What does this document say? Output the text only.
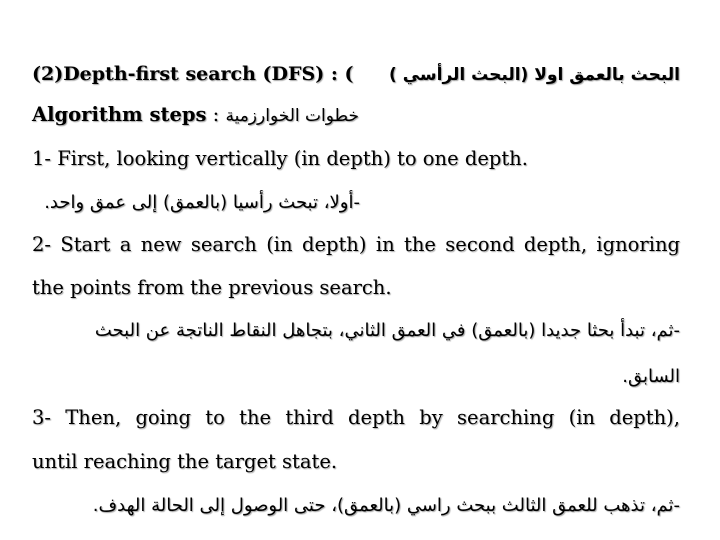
(2)Depth-first search (DFS) : ( البحث بالعمق اولا (البحث الرأسي )
Algorithm steps : خطوات الخوارزمية
1- First, looking vertically (in depth) to one depth.
-أولا، تبحث رأسيا (بالعمق) إلى عمق واحد.
2- Start a new search (in depth) in the second depth, ignoring
the points from the previous search.
-ثم، تبدأ بحثا جديدا (بالعمق) في العمق الثاني، بتجاهل النقاط الناتجة عن البحث
السابق.
3- Then, going to the third depth by searching (in depth),
until reaching the target state.
-ثم، تذهب للعمق الثالث ببحث راسي (بالعمق)، حتى الوصول إلى الحالة الهدف.
